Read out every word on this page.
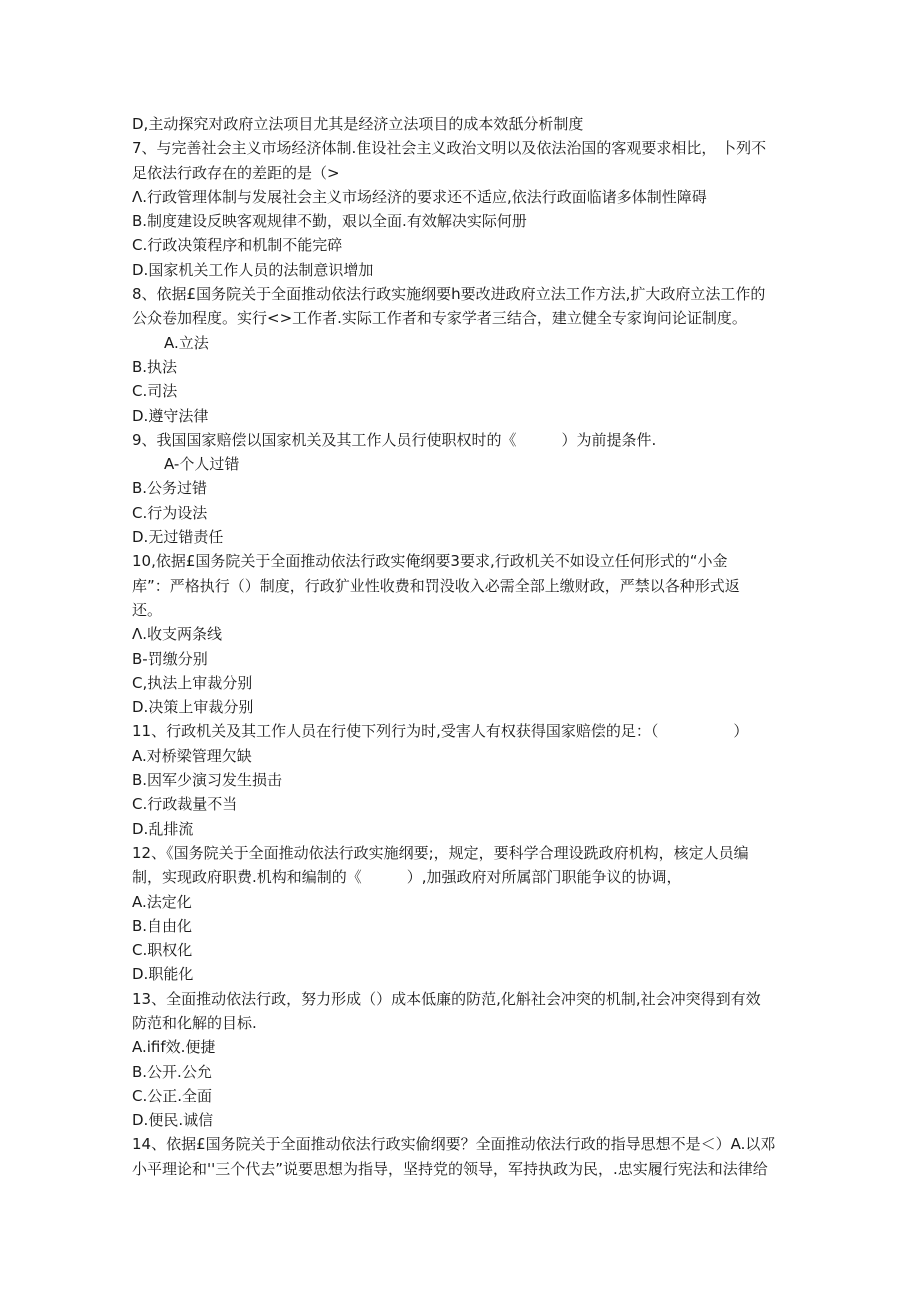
D,主动探究对政府立法项目尤其是经济立法项目的成本效舐分析制度
7、与完善社会主义市场经济体制.隹设社会主义政治文明以及依法治国的客观要求相比， 卜列不
足依法行政存在的差距的是（>
Λ.行政管理体制与发展社会主义市场经济的要求还不适应,依法行政面临诸多体制性障碍
B.制度建设反映客观规律不勤，艰以全面.有效解决实际何册
C.行政决策程序和机制不能完碎
D.国家机关工作人员的法制意识增加
8、依据£国务院关于全面推动依法行政实施纲要h要改进政府立法工作方法,扩大政府立法工作的
公众卷加程度。实行<>工作者.实际工作者和专家学者三结合，建立健全专家询问论证制度。
A.立法
B.执法
C.司法
D.遵守法律
9、我国国家赔偿以国家机关及其工作人员行使职权时的《　　　）为前提条件.
A-个人过错
B.公务过错
C.行为设法
D.无过错责任
10,依据£国务院关于全面推动依法行政实俺纲要3要求,行政机关不如设立任何形式的“小金
库”：严格执行（）制度，行政犷业性收费和罚没收入必需全部上缴财政，严禁以各种形式返
还。
Λ.收支两条线
B-罚缴分别
C,执法上审裁分别
D.决策上审裁分别
11、行政机关及其工作人员在行使下列行为时,受害人有权获得国家赔偿的足：（　　　　　）
A.对桥梁管理欠缺
B.因军少演习发生损击
C.行政裁量不当
D.乱排流
12、《国务院关于全面推动依法行政实施纲要;，规定，要科学合理设跣政府机构，核定人员编
制，实现政府职费.机构和编制的《　　　）,加强政府对所属部门职能争议的协调，
A.法定化
B.自由化
C.职权化
D.职能化
13、全面推动依法行政，努力形成（）成本低廉的防范,化斛社会冲突的机制,社会冲突得到有效
防范和化解的目标.
A.ifif效.便捷
B.公开.公允
C.公正.全面
D.便民.诚信
14、依据£国务院关于全面推动依法行政实偷纲要？全面推动依法行政的指导思想不是＜）A.以邓
小平理论和''三个代去”说要思想为指导，坚持党的领导，军持执政为民，.忠实履行宪法和法律给
